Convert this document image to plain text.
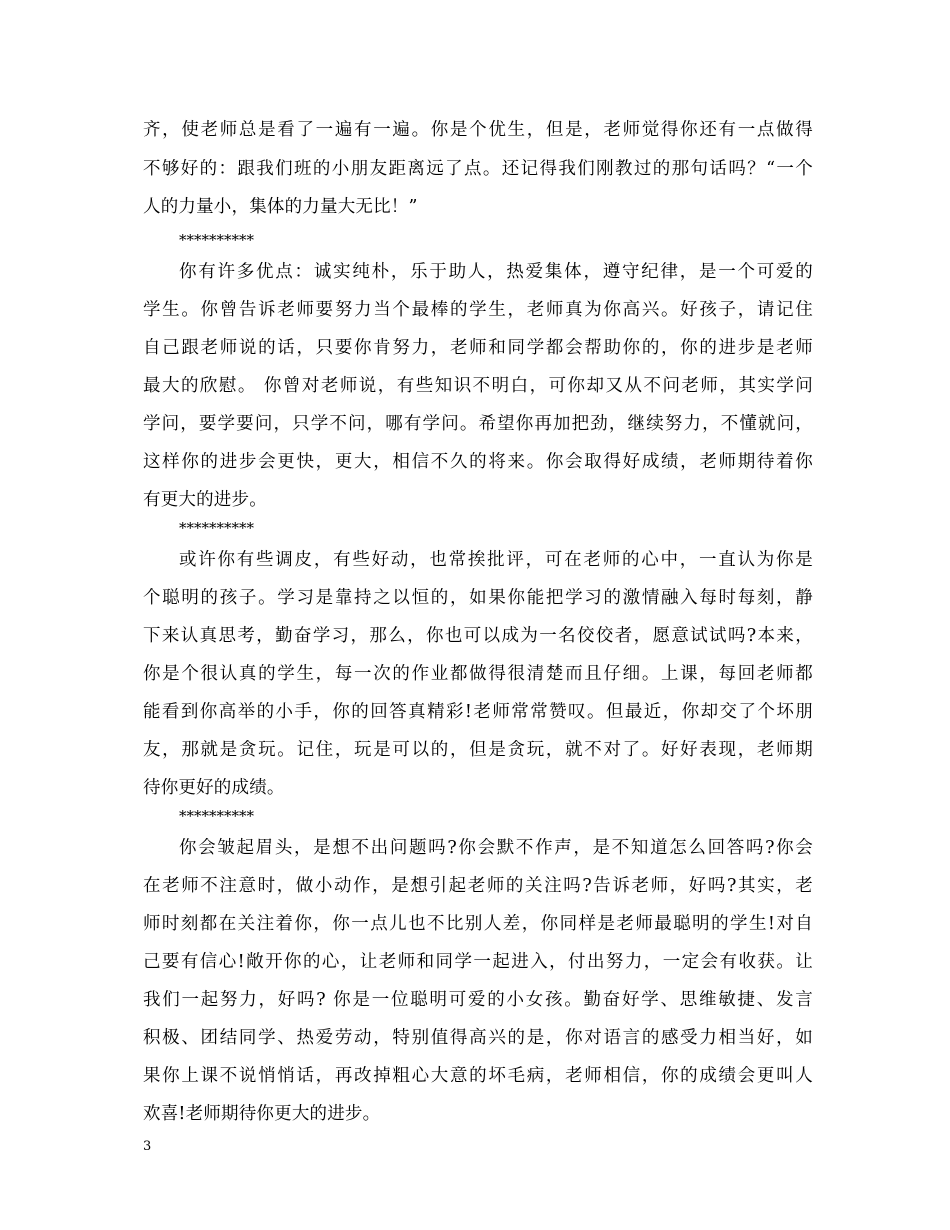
齐，使老师总是看了一遍有一遍。你是个优生，但是，老师觉得你还有一点做得
不够好的：跟我们班的小朋友距离远了点。还记得我们刚教过的那句话吗？“一个
人的力量小，集体的力量大无比！”
**********
你有许多优点：诚实纯朴，乐于助人，热爱集体，遵守纪律，是一个可爱的
学生。你曾告诉老师要努力当个最棒的学生，老师真为你高兴。好孩子，请记住
自己跟老师说的话，只要你肯努力，老师和同学都会帮助你的，你的进步是老师
最大的欣慰。 你曾对老师说，有些知识不明白，可你却又从不问老师，其实学问
学问，要学要问，只学不问，哪有学问。希望你再加把劲，继续努力，不懂就问，
这样你的进步会更快，更大，相信不久的将来。你会取得好成绩，老师期待着你
有更大的进步。
**********
或许你有些调皮，有些好动，也常挨批评，可在老师的心中，一直认为你是
个聪明的孩子。学习是靠持之以恒的，如果你能把学习的激情融入每时每刻，静
下来认真思考，勤奋学习，那么，你也可以成为一名佼佼者，愿意试试吗?本来，
你是个很认真的学生，每一次的作业都做得很清楚而且仔细。上课，每回老师都
能看到你高举的小手，你的回答真精彩!老师常常赞叹。但最近，你却交了个坏朋
友，那就是贪玩。记住，玩是可以的，但是贪玩，就不对了。好好表现，老师期
待你更好的成绩。
**********
你会皱起眉头，是想不出问题吗?你会默不作声，是不知道怎么回答吗?你会
在老师不注意时，做小动作，是想引起老师的关注吗?告诉老师，好吗?其实，老
师时刻都在关注着你，你一点儿也不比别人差，你同样是老师最聪明的学生!对自
己要有信心!敞开你的心，让老师和同学一起进入，付出努力，一定会有收获。让
我们一起努力，好吗? 你是一位聪明可爱的小女孩。勤奋好学、思维敏捷、发言
积极、团结同学、热爱劳动，特别值得高兴的是，你对语言的感受力相当好，如
果你上课不说悄悄话，再改掉粗心大意的坏毛病，老师相信，你的成绩会更叫人
欢喜!老师期待你更大的进步。
3
